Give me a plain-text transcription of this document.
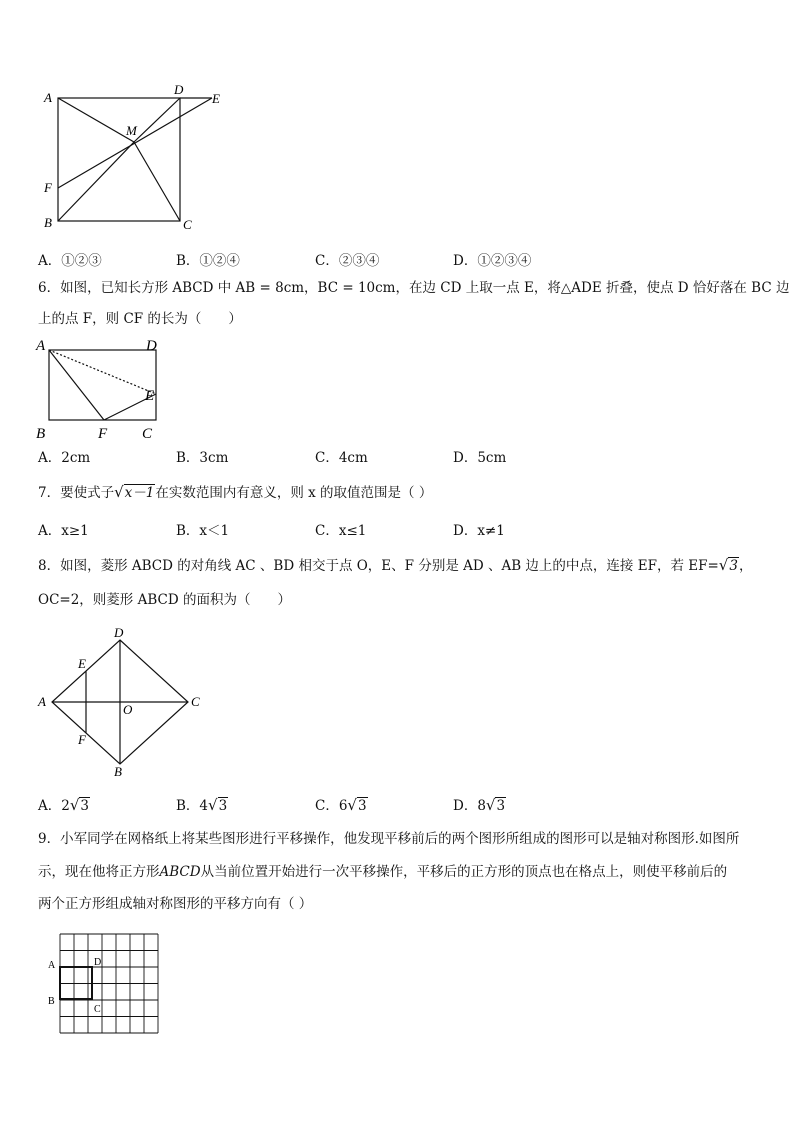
A
D
E
M
F
B	C
A．①②③	B．①②④	C．②③④	D．①②③④
6．如图，已知长方形 ABCD 中 AB = 8cm，BC = 10cm，在边 CD 上取一点 E，将△ADE 折叠，使点 D 恰好落在 BC 边
上的点 F，则 CF 的长为（　　）
A	D
E
B	F C
A．2cm	B．3cm	C．4cm	D．5cm
7．要使式子√x－1在实数范围内有意义，则 x 的取值范围是（ ）
A．x≥1	B．x＜1	C．x≤1	D．x≠1
8．如图，菱形 ABCD 的对角线 AC 、BD 相交于点 O，E、F 分别是 AD 、AB 边上的中点，连接 EF，若 EF=√3，
OC=2，则菱形 ABCD 的面积为（　　）
D
E
A
O
C
F
B
A．2√3	B．4√3	C．6√3	D．8√3
9．小军同学在网格纸上将某些图形进行平移操作，他发现平移前后的两个图形所组成的图形可以是轴对称图形.如图所
示，现在他将正方形ABCD从当前位置开始进行一次平移操作，平移后的正方形的顶点也在格点上，则使平移前后的
两个正方形组成轴对称图形的平移方向有（ ）
A	D
B
C
